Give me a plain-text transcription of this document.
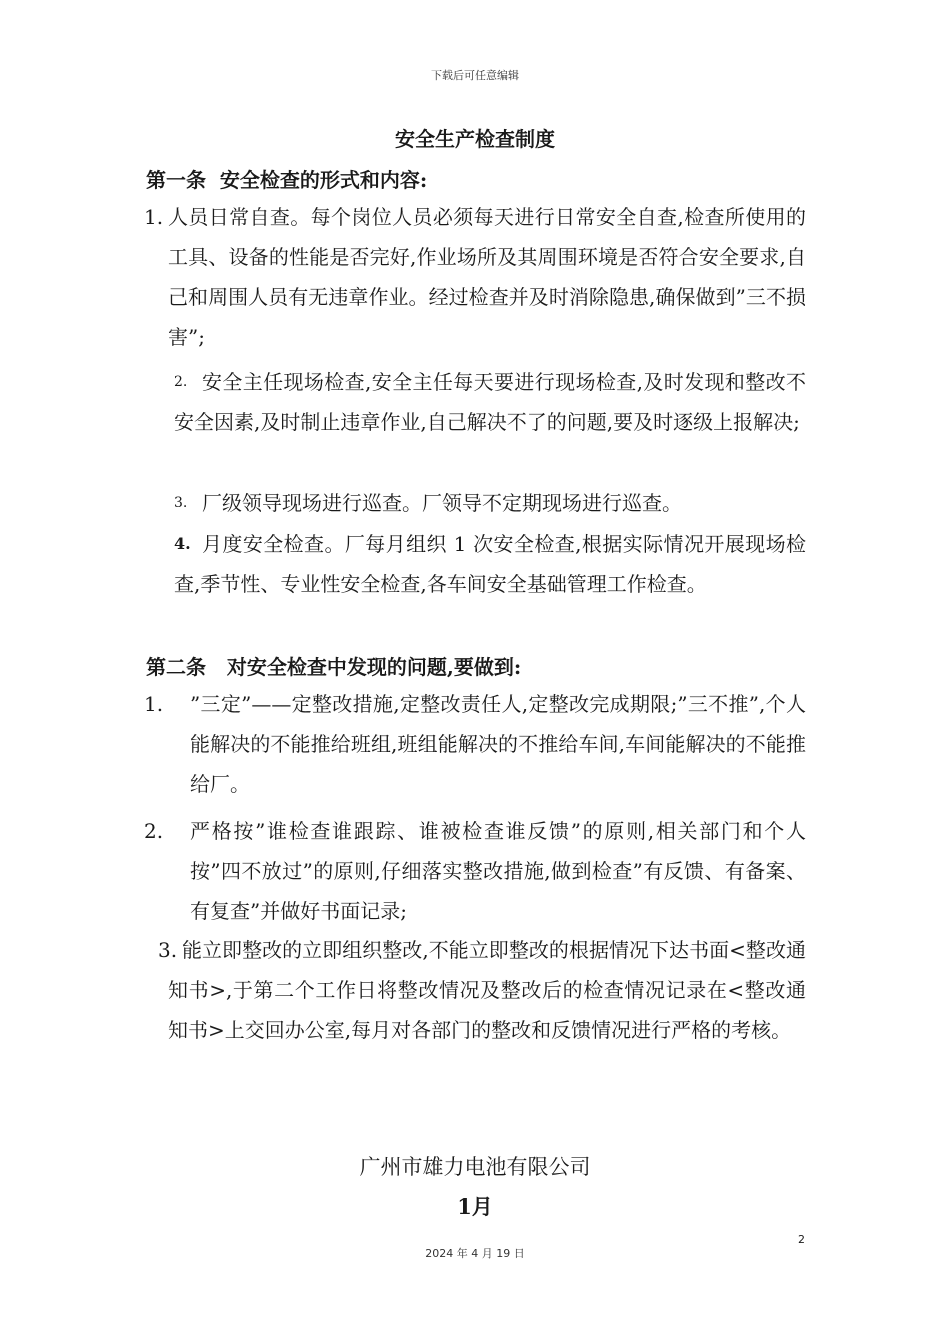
下载后可任意编辑
安全生产检查制度
第一条  安全检查的形式和内容:
1. 人员日常自查。每个岗位人员必须每天进行日常安全自查,检查所使用的工具、设备的性能是否完好,作业场所及其周围环境是否符合安全要求,自己和周围人员有无违章作业。经过检查并及时消除隐患,确保做到”三不损害”;
2. 安全主任现场检查,安全主任每天要进行现场检查,及时发现和整改不安全因素,及时制止违章作业,自己解决不了的问题,要及时逐级上报解决;
3. 厂级领导现场进行巡查。厂领导不定期现场进行巡查。
4. 月度安全检查。厂每月组织 1 次安全检查,根据实际情况开展现场检查,季节性、专业性安全检查,各车间安全基础管理工作检查。
第二条   对安全检查中发现的问题,要做到:
1. ”三定”——定整改措施,定整改责任人,定整改完成期限;”三不推”,个人能解决的不能推给班组,班组能解决的不推给车间,车间能解决的不能推给厂。
2. 严格按”谁检查谁跟踪、谁被检查谁反馈”的原则,相关部门和个人按”四不放过”的原则,仔细落实整改措施,做到检查”有反馈、有备案、有复查”并做好书面记录;
3. 能立即整改的立即组织整改,不能立即整改的根据情况下达书面<整改通知书>,于第二个工作日将整改情况及整改后的检查情况记录在<整改通知书>上交回办公室,每月对各部门的整改和反馈情况进行严格的考核。
广州市雄力电池有限公司
1月
2
2024 年 4 月 19 日
